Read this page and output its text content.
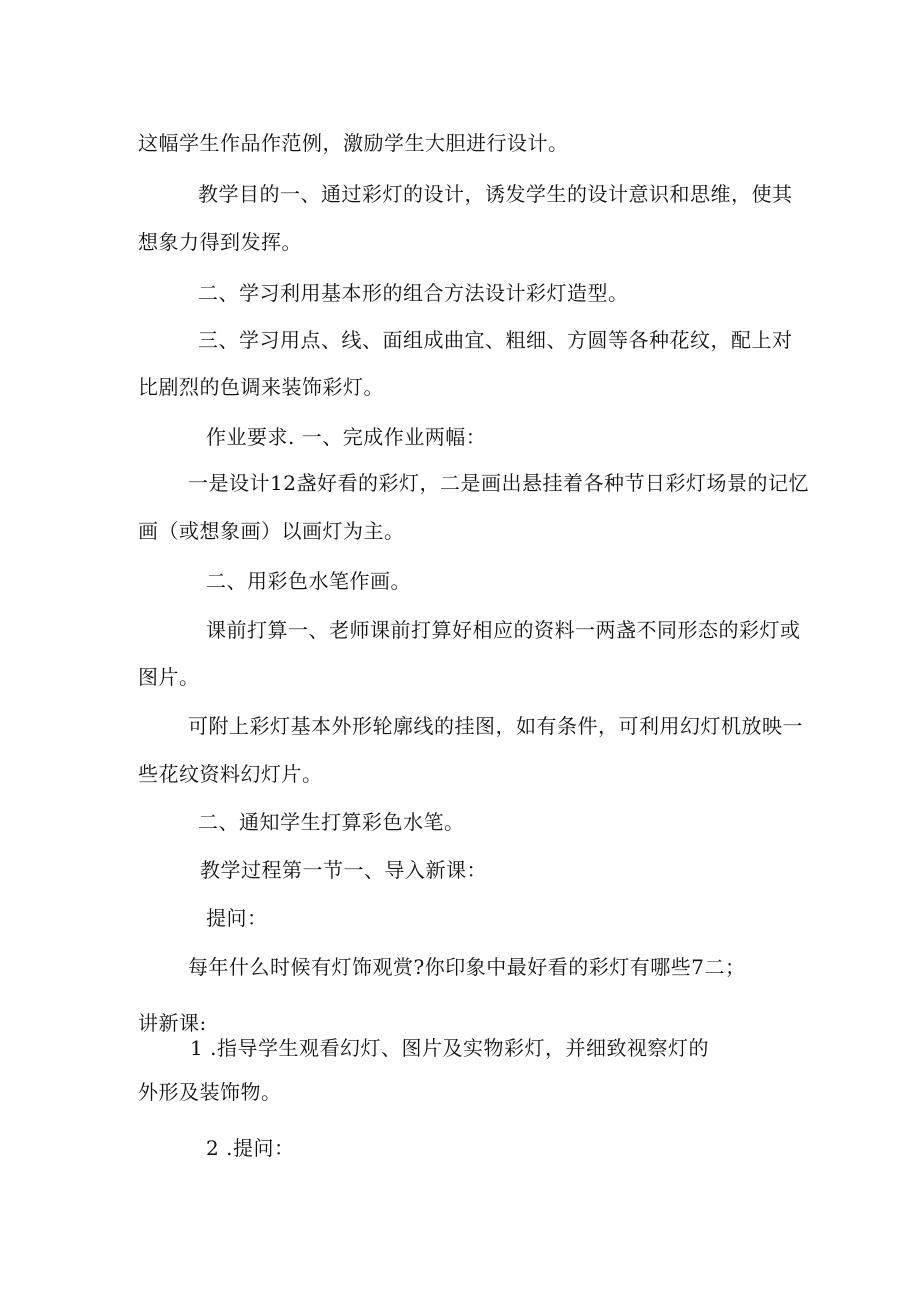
这幅学生作品作范例，激励学生大胆进行设计。
教学目的一、通过彩灯的设计，诱发学生的设计意识和思维，使其
想象力得到发挥。
二、学习利用基本形的组合方法设计彩灯造型。
三、学习用点、线、面组成曲宜、粗细、方圆等各种花纹，配上对
比剧烈的色调来装饰彩灯。
作业要求. 一、完成作业两幅：
一是设计12盏好看的彩灯，二是画出悬挂着各种节日彩灯场景的记忆
画（或想象画）以画灯为主。
二、用彩色水笔作画。
课前打算一、老师课前打算好相应的资料一两盏不同形态的彩灯或
图片。
可附上彩灯基本外形轮廓线的挂图，如有条件，可利用幻灯机放映一
些花纹资料幻灯片。
二、通知学生打算彩色水笔。
教学过程第一节一、导入新课：
提问：
每年什么时候有灯饰观赏?你印象中最好看的彩灯有哪些7二；
讲新课:
1 .指导学生观看幻灯、图片及实物彩灯，并细致视察灯的
外形及装饰物。
2 .提问：
